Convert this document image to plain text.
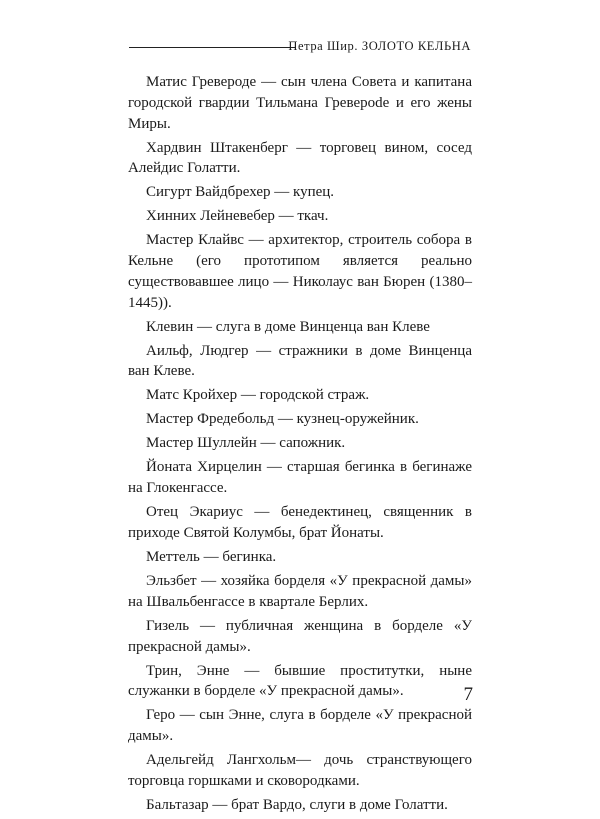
Петра Шир. ЗОЛОТО КЕЛЬНА

Матис Гревероде — сын члена Совета и капитана городской гвардии Тильмана Греверode и его жены Миры.

Хардвин Штакенберг — торговец вином, сосед Алейдис Голатти.

Сигурт Вайдбрехер — купец.

Хинних Лейневебер — ткач.

Мастер Клайвс — архитектор, строитель собора в Кельне (его прототипом является реально существовавшее лицо — Николаус ван Бюрен (1380–1445)).

Клевин — слуга в доме Винценца ван Клеве

Аильф, Людгер — стражники в доме Винценца ван Клеве.

Матс Кройхер — городской страж.

Мастер Фредебольд — кузнец-оружейник.

Мастер Шуллейн — сапожник.

Йоната Хирцелин — старшая бегинка в бегинаже на Глокенгассе.

Отец Экариус — бенедектинец, священник в приходе Святой Колумбы, брат Йонаты.

Меттель — бегинка.

Эльзбет — хозяйка борделя «У прекрасной дамы» на Швальбенгассе в квартале Берлих.

Гизель — публичная женщина в борделе «У прекрасной дамы».

Трин, Энне — бывшие проститутки, ныне служанки в борделе «У прекрасной дамы».

Геро — сын Энне, слуга в борделе «У прекрасной дамы».

Адельгейд Лангхольм— дочь странствующего торговца горшками и сковородками.

Бальтазар — брат Вардо, слуги в доме Голатти.

7
